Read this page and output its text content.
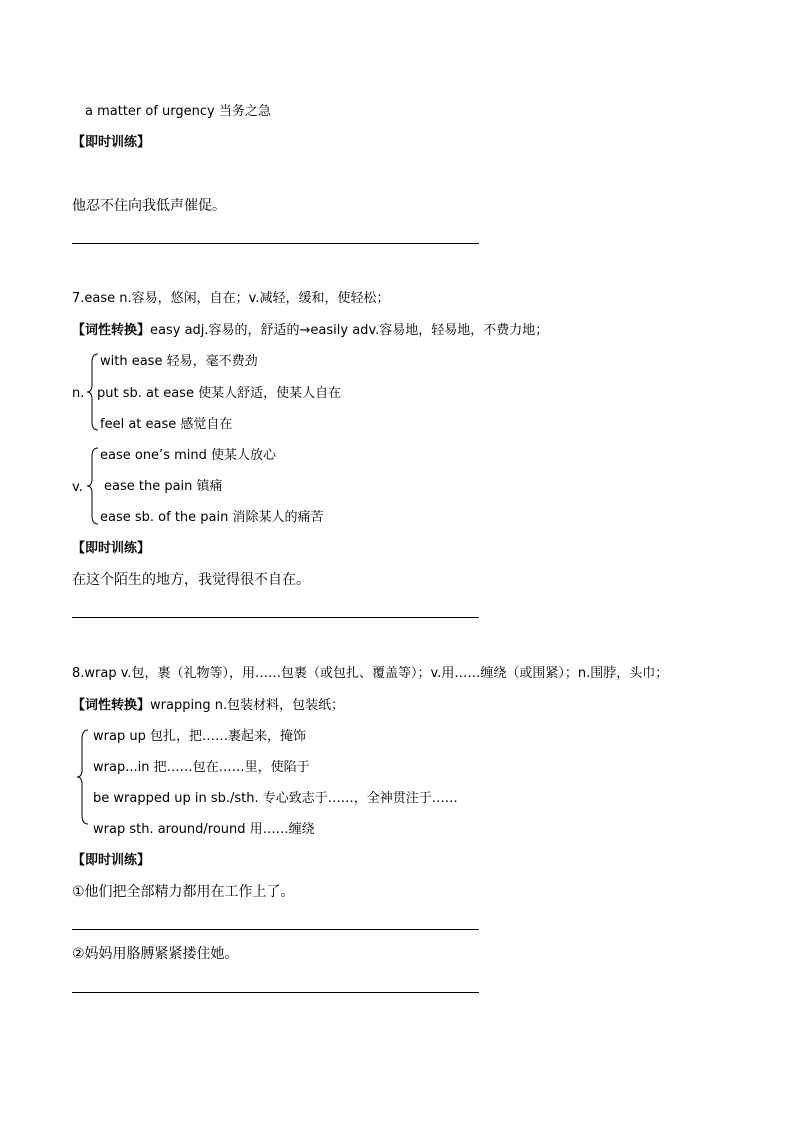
a matter of urgency 当务之急
【即时训练】
他忍不住向我低声催促。
7.ease n.容易，悠闲，自在；v.减轻，缓和，使轻松；
【词性转换】easy adj.容易的，舒适的→easily adv.容易地，轻易地，不费力地；
n.
with ease 轻易，毫不费劲
put sb. at ease 使某人舒适，使某人自在
feel at ease 感觉自在
v.
ease one’s mind 使某人放心
ease the pain 镇痛
ease sb. of the pain 消除某人的痛苦
【即时训练】
在这个陌生的地方，我觉得很不自在。
8.wrap v.包，裹（礼物等），用……包裹（或包扎、覆盖等）；v.用……缠绕（或围紧）；n.围脖，头巾；
【词性转换】wrapping n.包装材料，包装纸；
wrap up 包扎，把……裹起来，掩饰
wrap...in 把……包在……里，使陷于
be wrapped up in sb./sth. 专心致志于……，全神贯注于……
wrap sth. around/round 用……缠绕
【即时训练】
①他们把全部精力都用在工作上了。
②妈妈用胳膊紧紧搂住她。
